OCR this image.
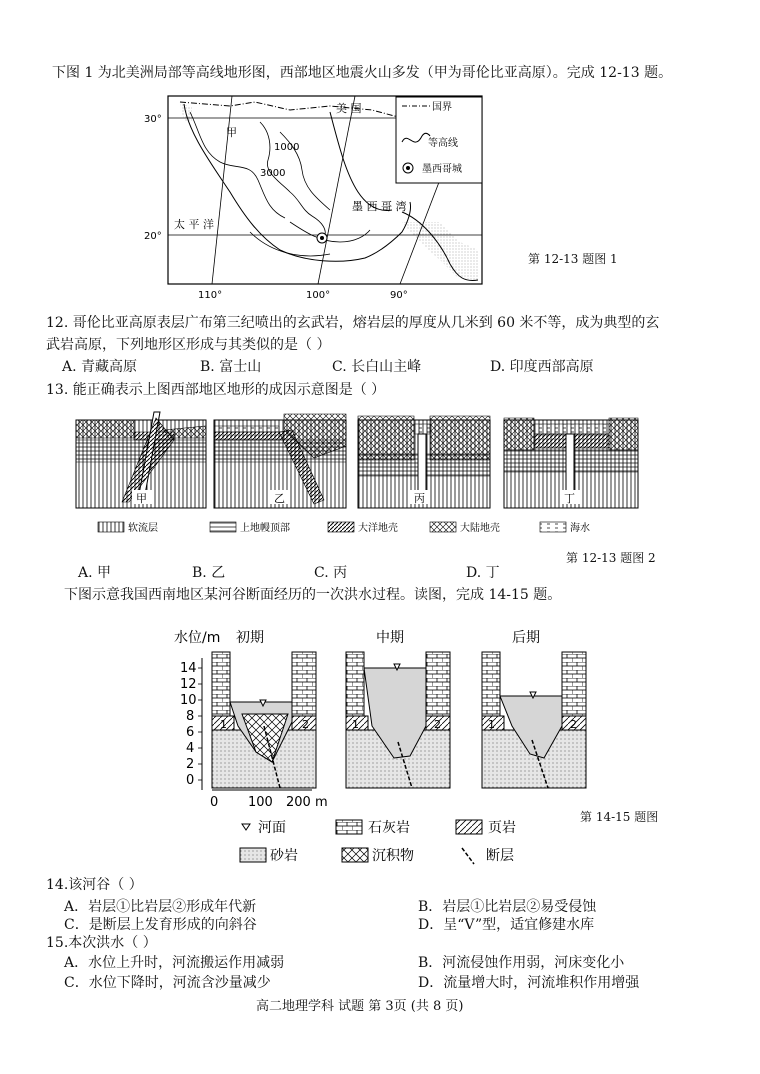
下图 1 为北美洲局部等高线地形图，西部地区地震火山多发（甲为哥伦比亚高原）。完成 12-13 题。
国界
等高线
墨西哥城
30°
20°
110°	100°	90°
美 国
甲
1000
3000
太 平 洋
墨 西 哥 湾
第 12-13 题图 1
12. 哥伦比亚高原表层广布第三纪喷出的玄武岩，熔岩层的厚度从几米到 60 米不等，成为典型的玄
武岩高原，下列地形区形成与其类似的是（ ）
A. 青藏高原	B. 富士山	C. 长白山主峰	D. 印度西部高原
13. 能正确表示上图西部地区地形的成因示意图是（ ）
甲	乙	丙	丁
软流层	上地幔顶部	大洋地壳	大陆地壳	海水
第 12-13 题图 2
A. 甲	B. 乙	C. 丙	D. 丁
下图示意我国西南地区某河谷断面经历的一次洪水过程。读图，完成 14-15 题。
水位/m 初期	中期	后期
14
12
10
8
6
4
2
0
0 100 200 m
1	2	1	2	1	2
河面	石灰岩	页岩
砂岩	沉积物	断层
第 14-15 题图
14.该河谷（ ）
A．岩层①比岩层②形成年代新	B．岩层①比岩层②易受侵蚀
C．是断层上发育形成的向斜谷	D．呈“V”型，适宜修建水库
15.本次洪水（ ）
A．水位上升时，河流搬运作用减弱	B．河流侵蚀作用弱，河床变化小
C．水位下降时，河流含沙量减少	D．流量增大时，河流堆积作用增强
高二地理学科 试题 第 3页 (共 8 页)
